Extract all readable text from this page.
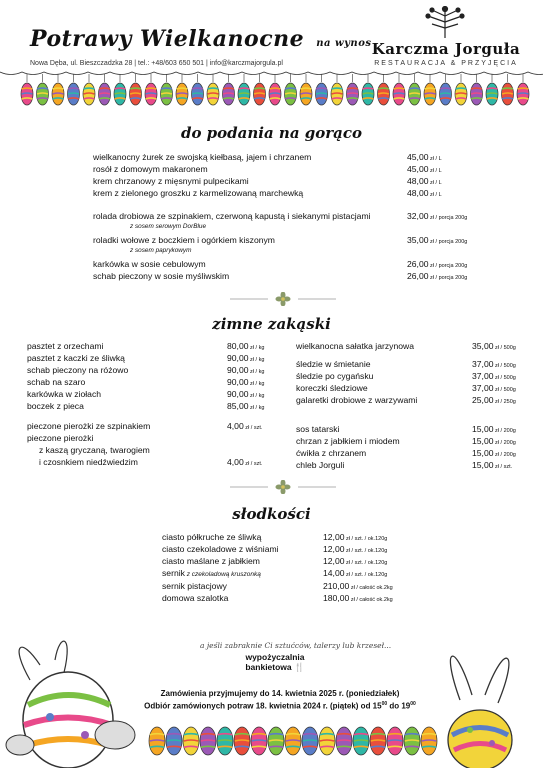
Potrawy Wielkanocne na wynos
Nowa Dęba, ul. Bieszczadzka 28 | tel.: +48/603 650 501 | info@karczmajorgula.pl
Karczma Jorguła
RESTAURACJA & PRZYJĘCIA
do podania na gorąco
wielkanocny żurek ze swojską kiełbasą, jajem i chrzanem	45,00 zł / L
rosół z domowym makaronem	45,00 zł / L
krem chrzanowy z mięsnymi pulpecikami	48,00 zł / L
krem z zielonego groszku z karmelizowaną marchewką	48,00 zł / L
rolada drobiowa ze szpinakiem, czerwoną kapustą i siekanymi pistacjami	32,00 zł / porcja 200g
z sosem serowym DorBlue
roladki wołowe z boczkiem i ogórkiem kiszonym	35,00 zł / porcja 200g
z sosem paprykowym
karkówka w sosie cebulowym	26,00 zł / porcja 200g
schab pieczony w sosie myśliwskim	26,00 zł / porcja 200g
zimne zakąski
pasztet z orzechami	80,00 zł / kg
pasztet z kaczki ze śliwką	90,00 zł / kg
schab pieczony na różowo	90,00 zł / kg
schab na szaro	90,00 zł / kg
karkówka w ziołach	90,00 zł / kg
boczek z pieca	85,00 zł / kg
pieczone pierożki ze szpinakiem	4,00 zł / szt.
pieczone pierożki
z kaszą gryczaną, twarogiem
i czosnkiem niedźwiedzim	4,00 zł / szt.
wielkanocna sałatka jarzynowa	35,00 zł / 500g
śledzie w śmietanie	37,00 zł / 500g
śledzie po cygańsku	37,00 zł / 500g
koreczki śledziowe	37,00 zł / 500g
galaretki drobiowe z warzywami	25,00 zł / 250g
sos tatarski	15,00 zł / 200g
chrzan z jabłkiem i miodem	15,00 zł / 200g
ćwikła z chrzanem	15,00 zł / 200g
chleb Jorguli	15,00 zł / szt.
słodkości
ciasto półkruche ze śliwką	12,00 zł / szt. / ok.120g
ciasto czekoladowe z wiśniami	12,00 zł / szt. / ok.120g
ciasto maślane z jabłkiem	12,00 zł / szt. / ok.120g
sernik z czekoladową kruszonką	14,00 zł / szt. / ok.120g
sernik pistacjowy	210,00 zł / całość ok.2kg
domowa szalotka	180,00 zł / całość ok.2kg
a jeśli zabraknie Ci sztućców, talerzy lub krzeseł...
wypożyczalnia
bankietowa 🍴
Zamówienia przyjmujemy do 14. kwietnia 2025 r. (poniedziałek)
Odbiór zamówionych potraw 18. kwietnia 2024 r. (piątek) od $15^{00}$ do $19^{00}$
